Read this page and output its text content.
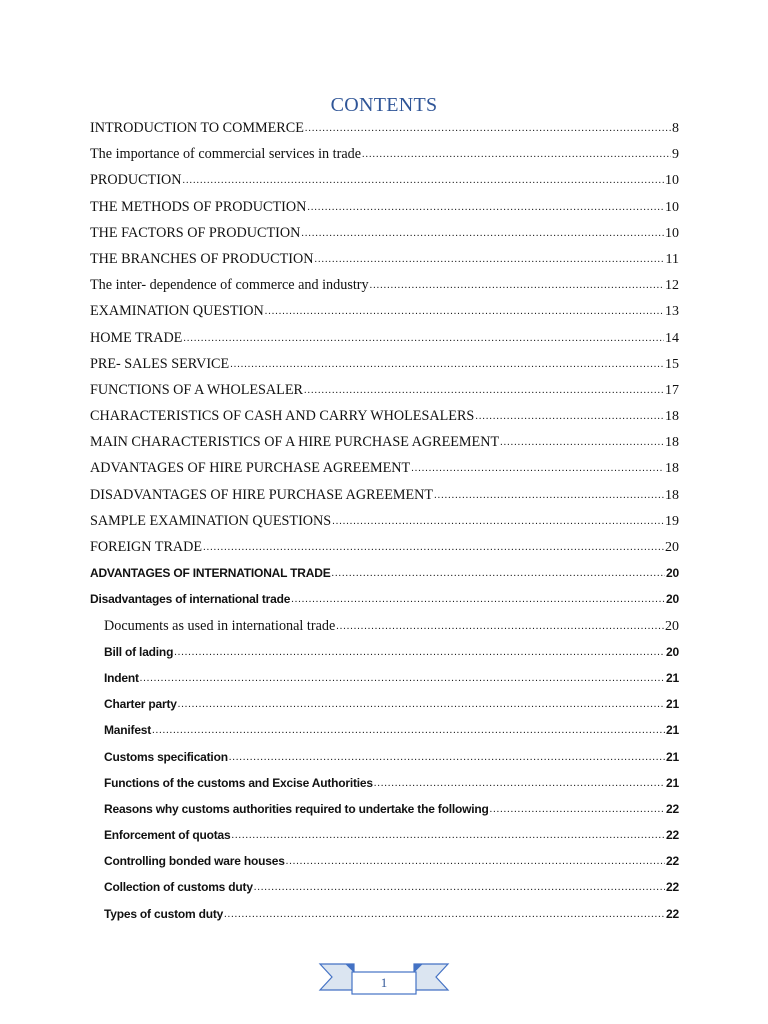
CONTENTS
INTRODUCTION TO COMMERCE .....	8
The importance of commercial services in trade .....	9
PRODUCTION .....	10
THE METHODS OF PRODUCTION .....	10
THE FACTORS OF PRODUCTION .....	10
THE BRANCHES OF PRODUCTION .....	11
The inter- dependence of commerce and industry .....	12
EXAMINATION QUESTION .....	13
HOME TRADE .....	14
PRE- SALES SERVICE .....	15
FUNCTIONS OF A WHOLESALER .....	17
CHARACTERISTICS OF CASH AND CARRY WHOLESALERS .....	18
MAIN CHARACTERISTICS OF A HIRE PURCHASE AGREEMENT .....	18
ADVANTAGES OF HIRE PURCHASE AGREEMENT .....	18
DISADVANTAGES OF HIRE PURCHASE AGREEMENT .....	18
SAMPLE EXAMINATION QUESTIONS .....	19
FOREIGN TRADE .....	20
ADVANTAGES OF INTERNATIONAL TRADE .....	20
Disadvantages of international trade .....	20
Documents as used in international trade .....	20
Bill of lading .....	20
Indent .....	21
Charter party .....	21
Manifest .....	21
Customs specification .....	21
Functions of the customs and Excise Authorities .....	21
Reasons why customs authorities required to undertake the following .....	22
Enforcement of quotas .....	22
Controlling bonded ware houses .....	22
Collection of customs duty .....	22
Types of custom duty .....	22
1
